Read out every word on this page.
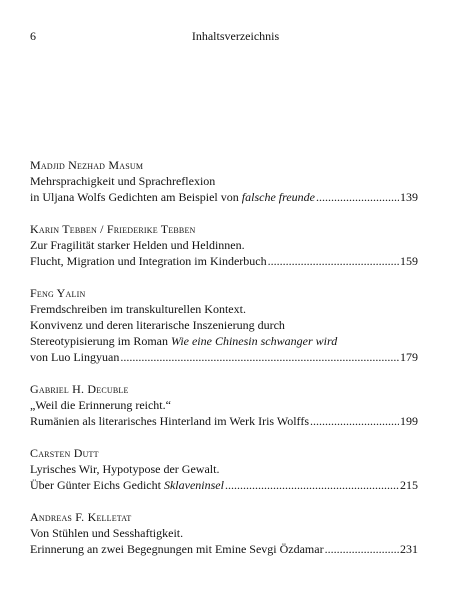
6	Inhaltsverzeichnis
Madjid Nezhad Masum
Mehrsprachigkeit und Sprachreflexion
in Uljana Wolfs Gedichten am Beispiel von falsche freunde .....	139
Karin Tebben / Friederike Tebben
Zur Fragilität starker Helden und Heldinnen.
Flucht, Migration und Integration im Kinderbuch .....	159
Feng Yalin
Fremdschreiben im transkulturellen Kontext.
Konvivenz und deren literarische Inszenierung durch
Stereotypisierung im Roman Wie eine Chinesin schwanger wird
von Luo Lingyuan .....	179
Gabriel H. Decuble
„Weil die Erinnerung reicht.“
Rumänien als literarisches Hinterland im Werk Iris Wolffs .....	199
Carsten Dutt
Lyrisches Wir, Hypotypose der Gewalt.
Über Günter Eichs Gedicht Sklaveninsel .....	215
Andreas F. Kelletat
Von Stühlen und Sesshaftigkeit.
Erinnerung an zwei Begegnungen mit Emine Sevgi Özdamar .....	231
